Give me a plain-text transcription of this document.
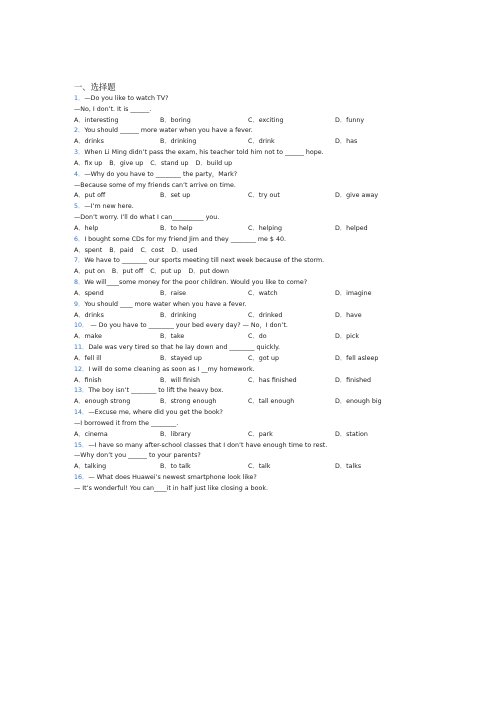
一、选择题
1．—Do you like to watch TV?
—No, I don’t. It is ______.
A．interesting	B．boring	C．exciting	D．funny
2．You should ______ more water when you have a fever.
A．drinks	B．drinking	C．drink	D．has
3．When Li Ming didn’t pass the exam, his teacher told him not to ______ hope.
A．fix up B．give up C．stand up D．build up
4．—Why do you have to ________ the party，Mark?
—Because some of my friends can’t arrive on time.
A．put off	B．set up	C．try out	D．give away
5．—I’m new here.
—Don’t worry. I’ll do what I can__________ you.
A．help	B．to help	C．helping	D．helped
6．I bought some CDs for my friend Jim and they ________ me $ 40.
A．spent B．paid C．cost D．used
7．We have to ________ our sports meeting till next week because of the storm.
A．put on B．put off C．put up D．put down
8．We will____some money for the poor children. Would you like to come?
A．spend	B．raise	C．watch	D．imagine
9．You should ____ more water when you have a fever.
A．drinks	B．drinking	C．drinked	D．have
10． — Do you have to ________ your bed every day? — No，I don’t.
A．make	B．take	C．do	D．pick
11．Dale was very tired so that he lay down and ________ quickly.
A．fell ill	B．stayed up	C．got up	D．fell asleep
12．I will do some cleaning as soon as I __my homework.
A．finish	B．will finish	C．has finished	D．finished
13．The boy isn’t ________ to lift the heavy box.
A．enough strong	B．strong enough	C．tall enough	D．enough big
14．—Excuse me, where did you get the book?
—I borrowed it from the ________.
A．cinema	B．library	C．park	D．station
15．—I have so many after-school classes that I don’t have enough time to rest.
—Why don’t you ______ to your parents?
A．talking	B．to talk	C．talk	D．talks
16．— What does Huawei’s newest smartphone look like?
— It’s wonderful! You can____it in half just like closing a book.
